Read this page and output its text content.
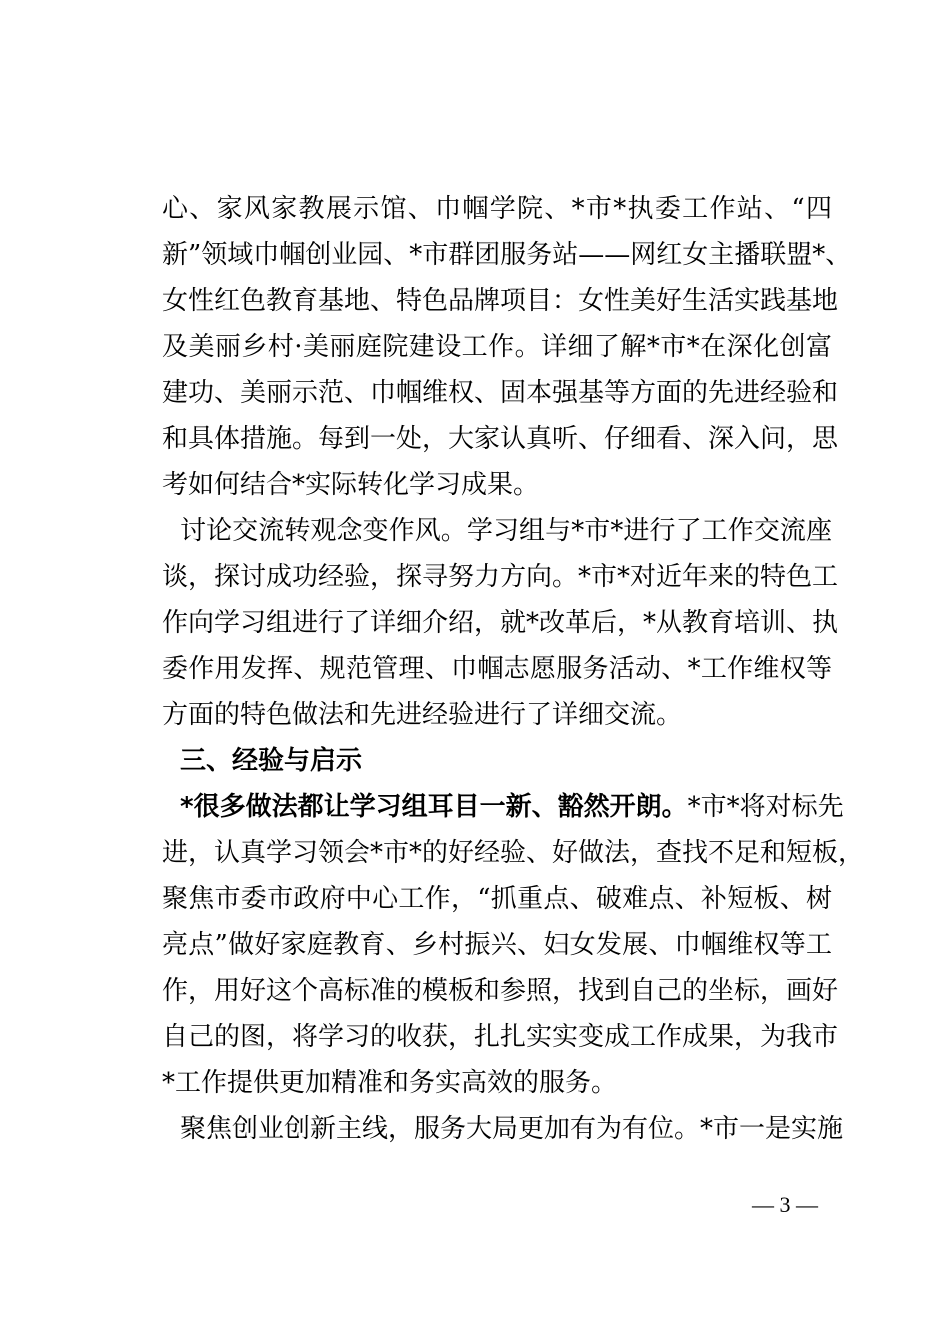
心、家风家教展示馆、巾帼学院、*市*执委工作站、“四
新”领域巾帼创业园、*市群团服务站——网红女主播联盟*、
女性红色教育基地、特色品牌项目：女性美好生活实践基地
及美丽乡村·美丽庭院建设工作。详细了解*市*在深化创富
建功、美丽示范、巾帼维权、固本强基等方面的先进经验和
和具体措施。每到一处，大家认真听、仔细看、深入问，思
考如何结合*实际转化学习成果。
讨论交流转观念变作风。学习组与*市*进行了工作交流座
谈，探讨成功经验，探寻努力方向。*市*对近年来的特色工
作向学习组进行了详细介绍，就*改革后，*从教育培训、执
委作用发挥、规范管理、巾帼志愿服务活动、*工作维权等
方面的特色做法和先进经验进行了详细交流。
三、经验与启示
*很多做法都让学习组耳目一新、豁然开朗。*市*将对标先
进，认真学习领会*市*的好经验、好做法，查找不足和短板，
聚焦市委市政府中心工作，“抓重点、破难点、补短板、树
亮点”做好家庭教育、乡村振兴、妇女发展、巾帼维权等工
作，用好这个高标准的模板和参照，找到自己的坐标，画好
自己的图，将学习的收获，扎扎实实变成工作成果，为我市
*工作提供更加精准和务实高效的服务。
聚焦创业创新主线，服务大局更加有为有位。*市一是实施
— 3 —
